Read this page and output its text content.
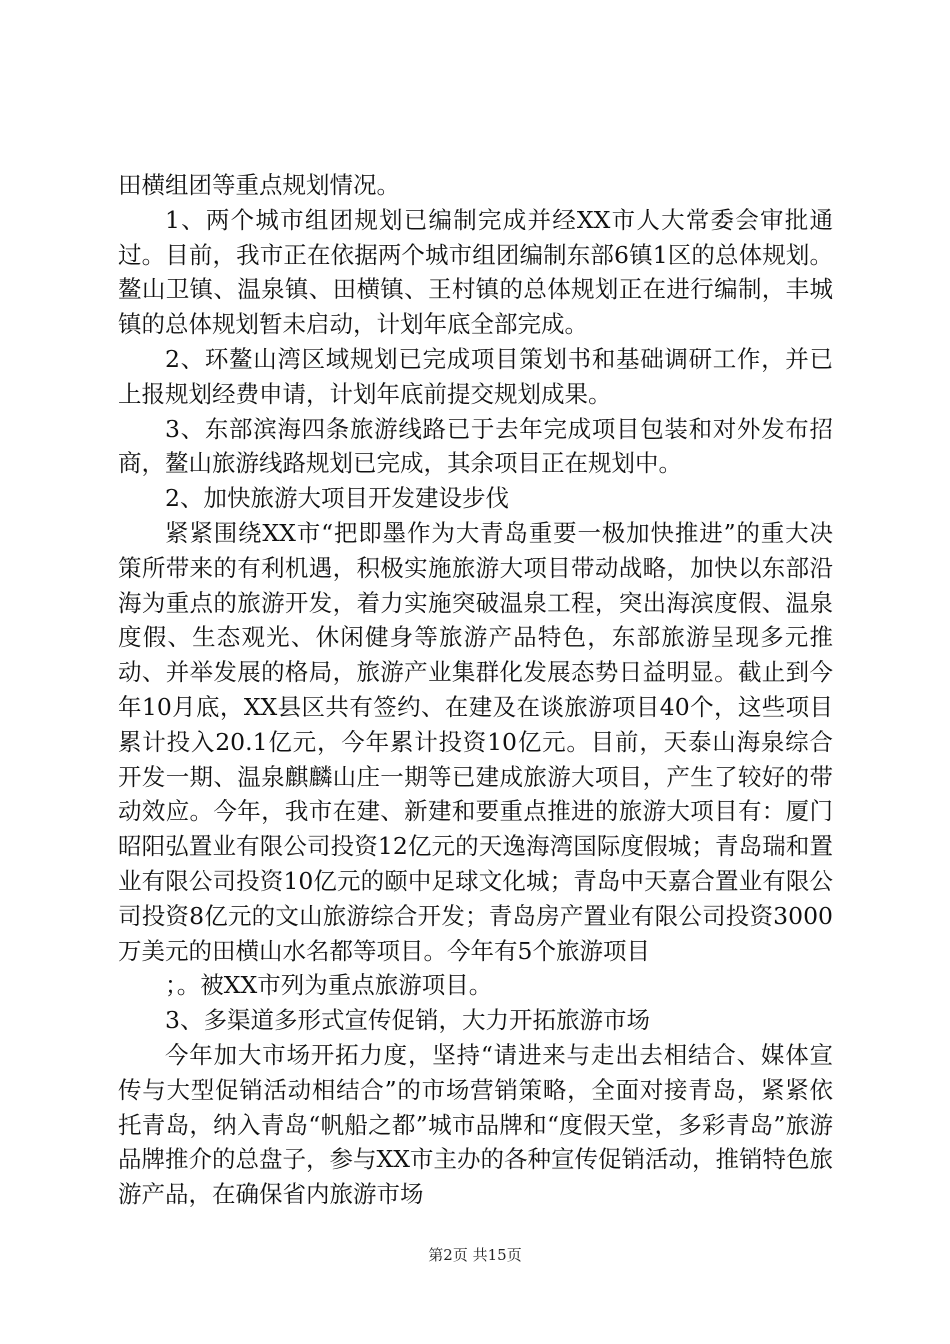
田横组团等重点规划情况。

1、两个城市组团规划已编制完成并经XX市人大常委会审批通过。目前，我市正在依据两个城市组团编制东部6镇1区的总体规划。鳌山卫镇、温泉镇、田横镇、王村镇的总体规划正在进行编制，丰城镇的总体规划暂未启动，计划年底全部完成。

2、环鳌山湾区域规划已完成项目策划书和基础调研工作，并已上报规划经费申请，计划年底前提交规划成果。

3、东部滨海四条旅游线路已于去年完成项目包装和对外发布招商，鳌山旅游线路规划已完成，其余项目正在规划中。

2、加快旅游大项目开发建设步伐

紧紧围绕XX市“把即墨作为大青岛重要一极加快推进”的重大决策所带来的有利机遇，积极实施旅游大项目带动战略，加快以东部沿海为重点的旅游开发，着力实施突破温泉工程，突出海滨度假、温泉度假、生态观光、休闲健身等旅游产品特色，东部旅游呈现多元推动、并举发展的格局，旅游产业集群化发展态势日益明显。截止到今年10月底，XX县区共有签约、在建及在谈旅游项目40个，这些项目累计投入20.1亿元，今年累计投资10亿元。目前，天泰山海泉综合开发一期、温泉麒麟山庄一期等已建成旅游大项目，产生了较好的带动效应。今年，我市在建、新建和要重点推进的旅游大项目有：厦门昭阳弘置业有限公司投资12亿元的天逸海湾国际度假城；青岛瑞和置业有限公司投资10亿元的颐中足球文化城；青岛中天嘉合置业有限公司投资8亿元的文山旅游综合开发；青岛房产置业有限公司投资3000万美元的田横山水名都等项目。今年有5个旅游项目

；。被XX市列为重点旅游项目。

3、多渠道多形式宣传促销，大力开拓旅游市场

今年加大市场开拓力度，坚持“请进来与走出去相结合、媒体宣传与大型促销活动相结合”的市场营销策略，全面对接青岛，紧紧依托青岛，纳入青岛“帆船之都”城市品牌和“度假天堂，多彩青岛”旅游品牌推介的总盘子，参与XX市主办的各种宣传促销活动，推销特色旅游产品，在确保省内旅游市场

第2页 共15页
